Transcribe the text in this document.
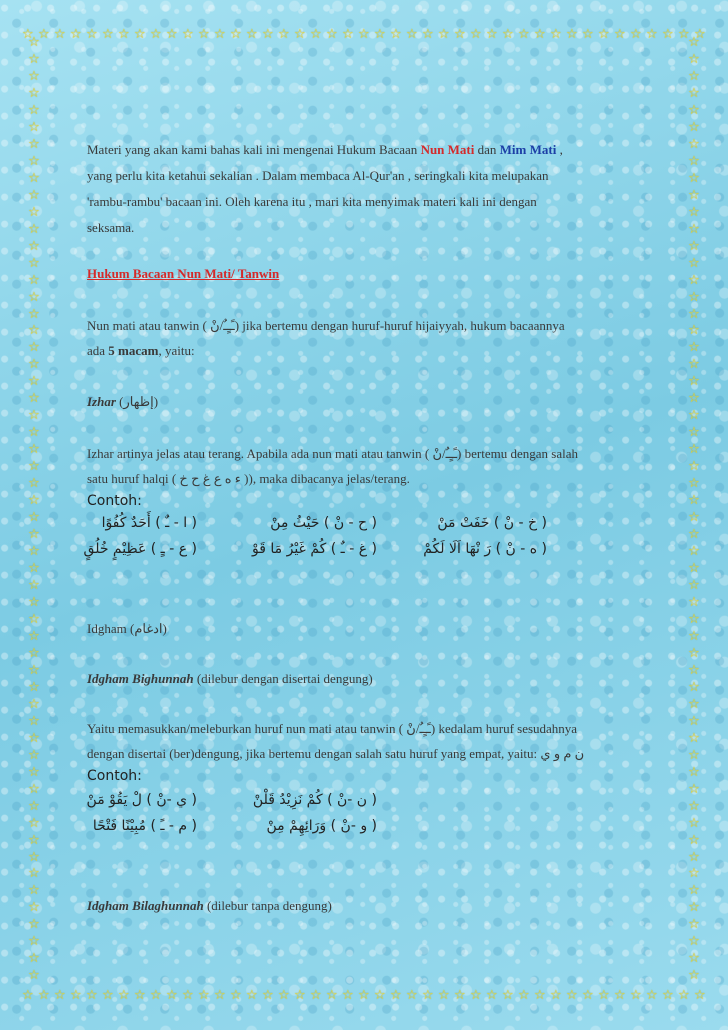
☆ ☆ ☆ ☆ ☆ ☆ ☆ ☆ ☆ ☆ ☆ ☆ ☆ ☆ ☆ ☆ ☆ ☆ ☆ ☆ ☆ ☆ ☆ ☆ ☆ ☆ ☆ ☆ ☆ ☆ ☆ ☆ ☆ ☆ ☆ ☆ ☆ ☆ ☆ ☆ ☆ ☆ ☆
☆ ☆ ☆ ☆ ☆ ☆ ☆ ☆ ☆ ☆ ☆ ☆ ☆ ☆ ☆ ☆ ☆ ☆ ☆ ☆ ☆ ☆ ☆ ☆ ☆ ☆ ☆ ☆ ☆ ☆ ☆ ☆ ☆ ☆ ☆ ☆ ☆ ☆ ☆ ☆ ☆ ☆ ☆
☆
☆
☆
☆
☆
☆
☆
☆
☆
☆
☆
☆
☆
☆
☆
☆
☆
☆
☆
☆
☆
☆
☆
☆
☆
☆
☆
☆
☆
☆
☆
☆
☆
☆
☆
☆
☆
☆
☆
☆
☆
☆
☆
☆
☆
☆
☆
☆
☆
☆
☆
☆
☆
☆
☆
☆
☆
☆
☆
☆
☆
☆
☆
☆
☆
☆
☆
☆
☆
☆
☆
☆
☆
☆
☆
☆
☆
☆
☆
☆
☆
☆
☆
☆
☆
☆
☆
☆
☆
☆
☆
☆
☆
☆
☆
☆
☆
☆
☆
☆
☆
☆
☆
☆
☆
☆
☆
☆
☆
☆
☆
☆
Materi yang akan kami bahas kali ini mengenai Hukum Bacaan Nun Mati dan Mim Mati ,
yang perlu kita ketahui sekalian . Dalam membaca Al-Qur'an , seringkali kita melupakan
'rambu-rambu' bacaan ini. Oleh karena itu , mari kita menyimak materi kali ini dengan
seksama.
Hukum Bacaan Nun Mati/ Tanwin
Nun mati atau tanwin ( ـًـٍـٌ/نْ) jika bertemu dengan huruf-huruf hijaiyyah, hukum bacaannya
ada 5 macam, yaitu:
Izhar (إظهار)
Izhar artinya jelas atau terang. Apabila ada nun mati atau tanwin ( ـًـٍـٌ/نْ) bertemu dengan salah
satu huruf halqi ( ء ه ع غ ح خ )), maka dibacanya jelas/terang.
Contoh:
( خ - نْ ) خَفَتْ مَنْ
( ح - نْ ) حَيْثُ مِنْ
( ا - ـٌ ) أَحَدٌ كُفُوًا
( ه - نْ ) رَ نْهَا اَلَا لَكُمْ
( غ - ـٌ ) كُمْ غَيْرُ مَا قَوْ
( ع - ـٍ ) عَظِيْمٍ خُلُقٍ
Idgham (ادغام)
Idgham Bighunnah (dilebur dengan disertai dengung)
Yaitu memasukkan/meleburkan huruf nun mati atau tanwin ( ـًـٍـٌ/نْ) kedalam huruf sesudahnya
dengan disertai (ber)dengung, jika bertemu dengan salah satu huruf yang empat, yaitu: ن م و ي
Contoh:
( ن -نْ ) كُمْ نَزِيْدُ قَلْنْ
( ي -نْ ) لْ يَقُوْ مَنْ
( و -نْ ) وَرَائِهِمْ مِنْ
( م - ـً ) مُبِيْنًا فَتْحًا
Idgham Bilaghunnah (dilebur tanpa dengung)
